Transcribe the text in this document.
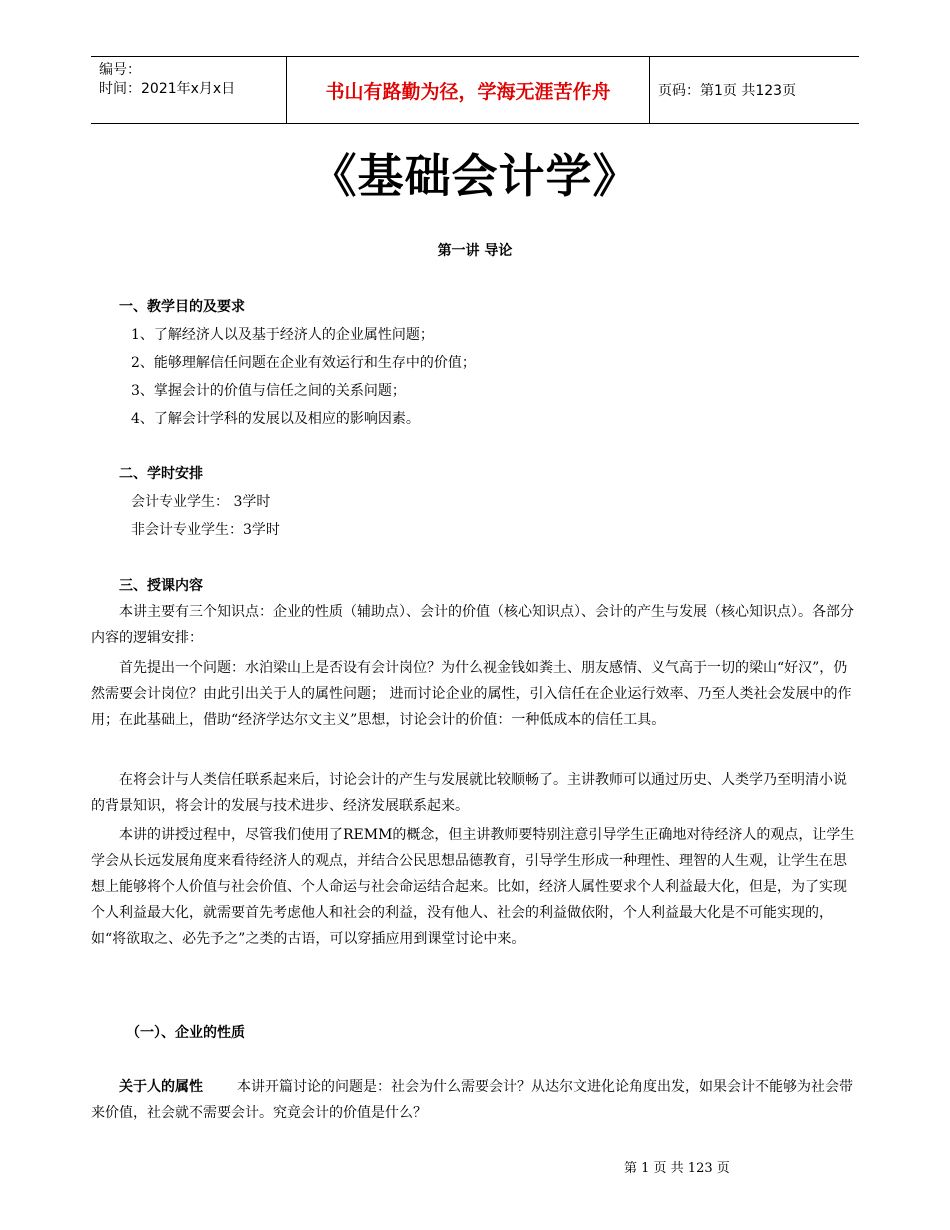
编号：
时间：2021年x月x日	书山有路勤为径，学海无涯苦作舟	页码：第1页 共123页
《基础会计学》
第一讲 导论
一、教学目的及要求
1、了解经济人以及基于经济人的企业属性问题；
2、能够理解信任问题在企业有效运行和生存中的价值；
3、掌握会计的价值与信任之间的关系问题；
4、了解会计学科的发展以及相应的影响因素。
二、学时安排
会计专业学生： 3学时
非会计专业学生：3学时
三、授课内容
本讲主要有三个知识点：企业的性质（辅助点）、会计的价值（核心知识点）、会计的产生与发展（核心知识点）。各部分内容的逻辑安排：
首先提出一个问题：水泊梁山上是否设有会计岗位？为什么视金钱如粪土、朋友感情、义气高于一切的梁山“好汉”，仍然需要会计岗位？由此引出关于人的属性问题； 进而讨论企业的属性，引入信任在企业运行效率、乃至人类社会发展中的作用；在此基础上，借助“经济学达尔文主义”思想，讨论会计的价值：一种低成本的信任工具。
在将会计与人类信任联系起来后，讨论会计的产生与发展就比较顺畅了。主讲教师可以通过历史、人类学乃至明清小说的背景知识，将会计的发展与技术进步、经济发展联系起来。
本讲的讲授过程中，尽管我们使用了REMM的概念，但主讲教师要特别注意引导学生正确地对待经济人的观点，让学生学会从长远发展角度来看待经济人的观点，并结合公民思想品德教育，引导学生形成一种理性、理智的人生观，让学生在思想上能够将个人价值与社会价值、个人命运与社会命运结合起来。比如，经济人属性要求个人利益最大化，但是，为了实现个人利益最大化，就需要首先考虑他人和社会的利益，没有他人、社会的利益做依附，个人利益最大化是不可能实现的，如“将欲取之、必先予之”之类的古语，可以穿插应用到课堂讨论中来。
（一）、企业的性质
关于人的属性 本讲开篇讨论的问题是：社会为什么需要会计？从达尔文进化论角度出发，如果会计不能够为社会带来价值，社会就不需要会计。究竟会计的价值是什么？
第 1 页 共 123 页
